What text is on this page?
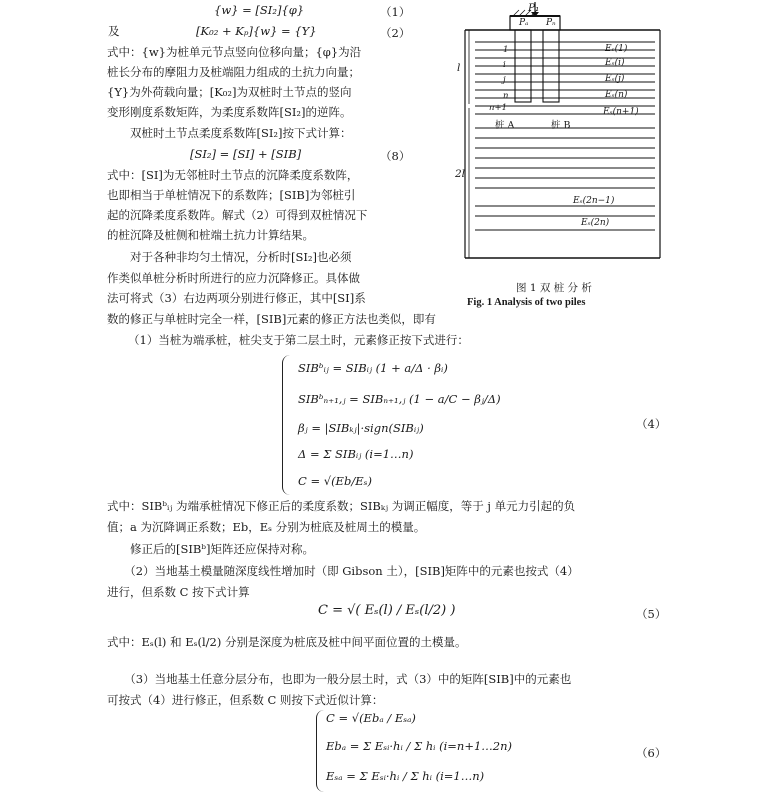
{w} = [SI₂]{φ}	（1）
及	[K₀₂ + Kₚ]{w} = {Y}	（2）
式中：{w}为桩单元节点竖向位移向量；{φ}为沿
桩长分布的摩阻力及桩端阻力组成的土抗力向量；
{Y}为外荷载向量；[K₀₂]为双桩时土节点的竖向
变形刚度系数矩阵，为柔度系数阵[SI₂]的逆阵。
　　双桩时土节点柔度系数阵[SI₂]按下式计算：
[SI₂] = [SI] + [SIB]	（8）
式中：[SI]为无邻桩时土节点的沉降柔度系数阵，
也即相当于单桩情况下的系数阵；[SIB]为邻桩引
起的沉降柔度系数阵。解式（2）可得到双桩情况下
的桩沉降及桩侧和桩端土抗力计算结果。
　　对于各种非均匀土情况，分析时[SI₂]也必须
作类似单桩分析时所进行的应力沉降修正。具体做
法可将式（3）右边两项分别进行修正，其中[SI]系
P₁
Pₐ Pₙ
l
2l
桩 A	桩 B
Eₛ(1)
Eₛ(i)
Eₛ(j)
Eₛ(n)
Eₛ(n+1)
Eₛ(2n−1)
Eₛ(2n)
1
i
j
n
n+1
图 1 双 桩 分 析
Fig. 1 Analysis of two piles
数的修正与单桩时完全一样，[SIB]元素的修正方法也类似，即有
（1）当桩为端承桩，桩尖支于第二层土时，元素修正按下式进行：
SIBᵇᵢⱼ = SIBᵢⱼ (1 + a/Δ · βᵢ)
SIBᵇₙ₊₁,ⱼ = SIBₙ₊₁,ⱼ (1 − a/C − βⱼ/Δ)
βⱼ = |SIBₖⱼ|·sign(SIBᵢⱼ)
Δ = Σ SIBᵢⱼ (i=1…n)
C = √(Eb/Eₛ)
（4）
式中：SIBᵇᵢⱼ 为端承桩情况下修正后的柔度系数；SIBₖⱼ 为调正幅度，等于 j 单元力引起的负
值；a 为沉降调正系数；Eb，Eₛ 分别为桩底及桩周土的模量。
　　修正后的[SIBᵇ]矩阵还应保持对称。
　　（2）当地基土模量随深度线性增加时（即 Gibson 土），[SIB]矩阵中的元素也按式（4）
进行，但系数 C 按下式计算
C = √( Eₛ(l) / Eₛ(l/2) )	（5）
式中：Eₛ(l) 和 Eₛ(l/2) 分别是深度为桩底及桩中间平面位置的土模量。
　　（3）当地基土任意分层分布，也即为一般分层土时，式（3）中的矩阵[SIB]中的元素也
可按式（4）进行修正，但系数 C 则按下式近似计算：
C = √(Ebₐ / Eₛₐ)
Ebₐ = Σ Eₛᵢ·hᵢ / Σ hᵢ (i=n+1…2n)
Eₛₐ = Σ Eₛᵢ·hᵢ / Σ hᵢ (i=1…n)
（6）
